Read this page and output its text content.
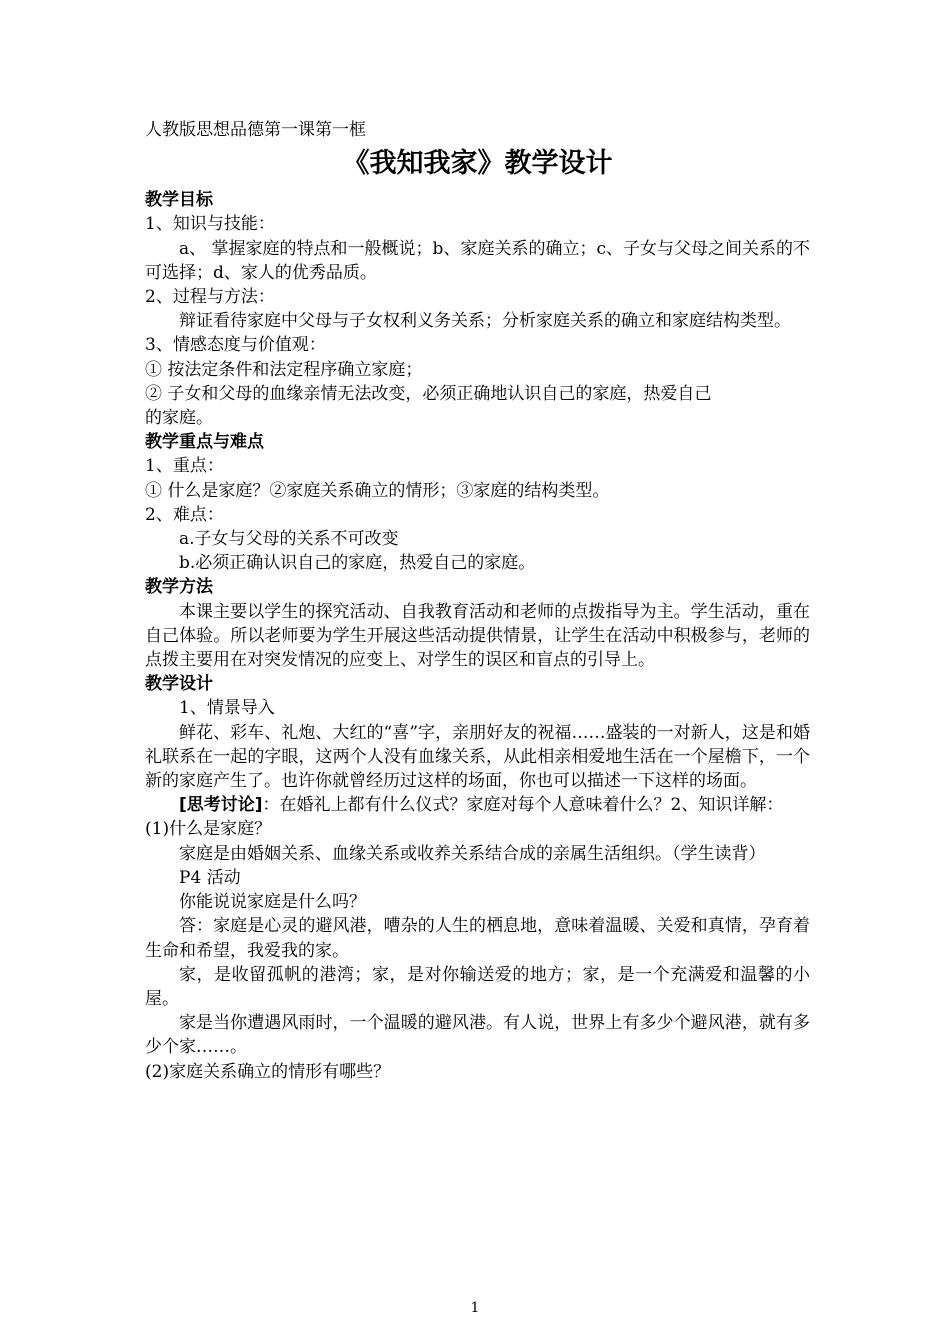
人教版思想品德第一课第一框
《我知我家》教学设计
教学目标
1、知识与技能：
a、 掌握家庭的特点和一般概说；b、家庭关系的确立；c、子女与父母之间关系的不可选择；d、家人的优秀品质。
2、过程与方法：
辩证看待家庭中父母与子女权利义务关系；分析家庭关系的确立和家庭结构类型。
3、情感态度与价值观：
① 按法定条件和法定程序确立家庭；
② 子女和父母的血缘亲情无法改变，必须正确地认识自己的家庭，热爱自己
的家庭。
教学重点与难点
1、重点：
① 什么是家庭？②家庭关系确立的情形；③家庭的结构类型。
2、难点：
a.子女与父母的关系不可改变
b.必须正确认识自己的家庭，热爱自己的家庭。
教学方法
本课主要以学生的探究活动、自我教育活动和老师的点拨指导为主。学生活动，重在自己体验。所以老师要为学生开展这些活动提供情景，让学生在活动中积极参与，老师的点拨主要用在对突发情况的应变上、对学生的误区和盲点的引导上。
教学设计
1、情景导入
鲜花、彩车、礼炮、大红的“喜”字，亲朋好友的祝福……盛装的一对新人，这是和婚礼联系在一起的字眼，这两个人没有血缘关系，从此相亲相爱地生活在一个屋檐下，一个新的家庭产生了。也许你就曾经历过这样的场面，你也可以描述一下这样的场面。
[思考讨论]：在婚礼上都有什么仪式？家庭对每个人意味着什么？2、知识详解：
(1)什么是家庭？
家庭是由婚姻关系、血缘关系或收养关系结合成的亲属生活组织。（学生读背）
P4 活动
你能说说家庭是什么吗？
答：家庭是心灵的避风港，嘈杂的人生的栖息地，意味着温暖、关爱和真情，孕育着生命和希望，我爱我的家。
家，是收留孤帆的港湾；家，是对你输送爱的地方；家，是一个充满爱和温馨的小屋。
家是当你遭遇风雨时，一个温暖的避风港。有人说，世界上有多少个避风港，就有多少个家……。
(2)家庭关系确立的情形有哪些？
1
